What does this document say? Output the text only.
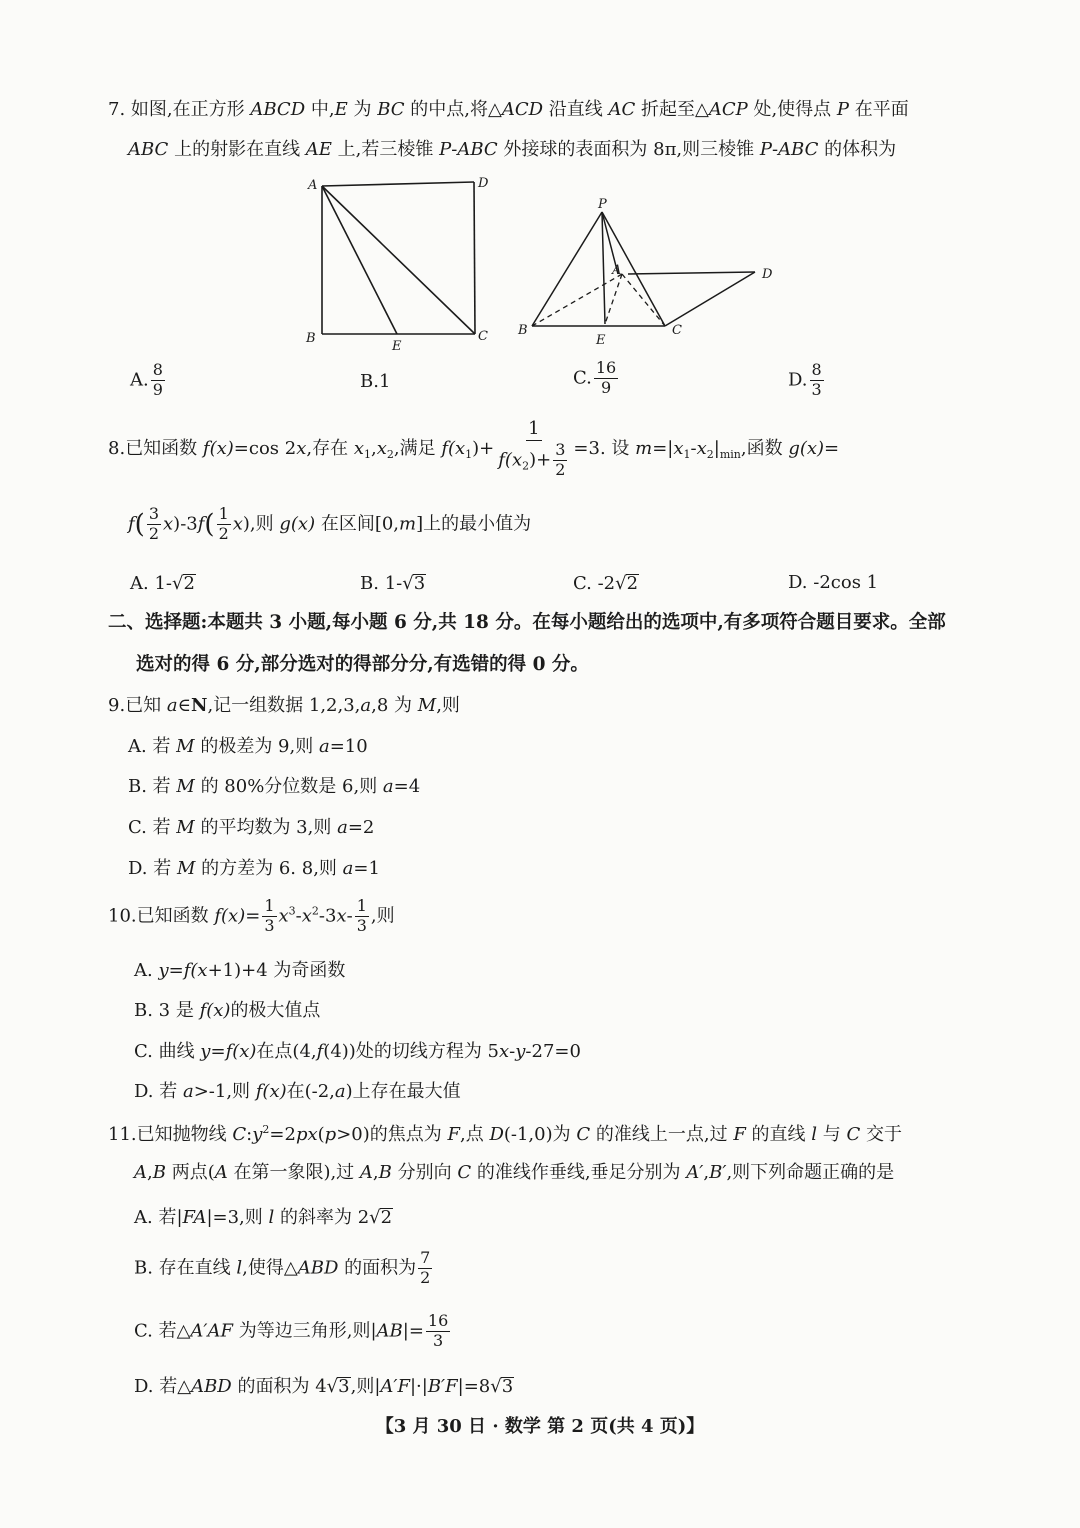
7. 如图,在正方形 ABCD 中,E 为 BC 的中点,将△ACD 沿直线 AC 折起至△ACP 处,使得点 P 在平面
ABC 上的射影在直线 AE 上,若三棱锥 P-ABC 外接球的表面积为 8π,则三棱锥 P-ABC 的体积为
A	D
B
E
C
P
A	D
B
E
C
A. $\frac{8}{9}$	B.1	C. $\frac{16}{9}$	D. $\frac{8}{3}$
8.已知函数 f(x)=cos 2x,存在 $x_1,x_2$,满足 $f(x_1)+ \frac{1}{f(x_2)+ \frac{3}{2}} =3$. 设 $m=|x_1-x_2|_{min}$,函数 g(x)=
$f( \frac{3}{2} x)-3f( \frac{1}{2} x)$,则 g(x) 在区间[0,m]上的最小值为
A. 1-√2	B. 1-√3	C. -2√2	D. -2cos 1
二、选择题:本题共 3 小题,每小题 6 分,共 18 分。在每小题给出的选项中,有多项符合题目要求。全部
选对的得 6 分,部分选对的得部分分,有选错的得 0 分。
9.已知 a∈N,记一组数据 1,2,3,a,8 为 M,则
A. 若 M 的极差为 9,则 a=10
B. 若 M 的 80%分位数是 6,则 a=4
C. 若 M 的平均数为 3,则 a=2
D. 若 M 的方差为 6. 8,则 a=1
10.已知函数 $f(x)= \frac{1}{3} x^3-x^2-3x- \frac{1}{3}$ ,则
A. y=f(x+1)+4 为奇函数
B. 3 是 f(x)的极大值点
C. 曲线 y=f(x)在点(4,f(4))处的切线方程为 5x-y-27=0
D. 若 a>-1,则 f(x)在(-2,a)上存在最大值
11.已知抛物线 $C:y^2=2px(p>0)$的焦点为 F,点 D(-1,0)为 C 的准线上一点,过 F 的直线 l 与 C 交于
A,B 两点(A 在第一象限),过 A,B 分别向 C 的准线作垂线,垂足分别为 A′,B′,则下列命题正确的是
A. 若|FA|=3,则 l 的斜率为 2√2
B. 存在直线 l,使得△ABD 的面积为 $\frac{7}{2}$
C. 若△A′AF 为等边三角形,则$|AB|= \frac{16}{3}$
D. 若△ABD 的面积为 4√3,则|A′F|·|B′F|=8√3
【3 月 30 日 · 数学 第 2 页(共 4 页)】
